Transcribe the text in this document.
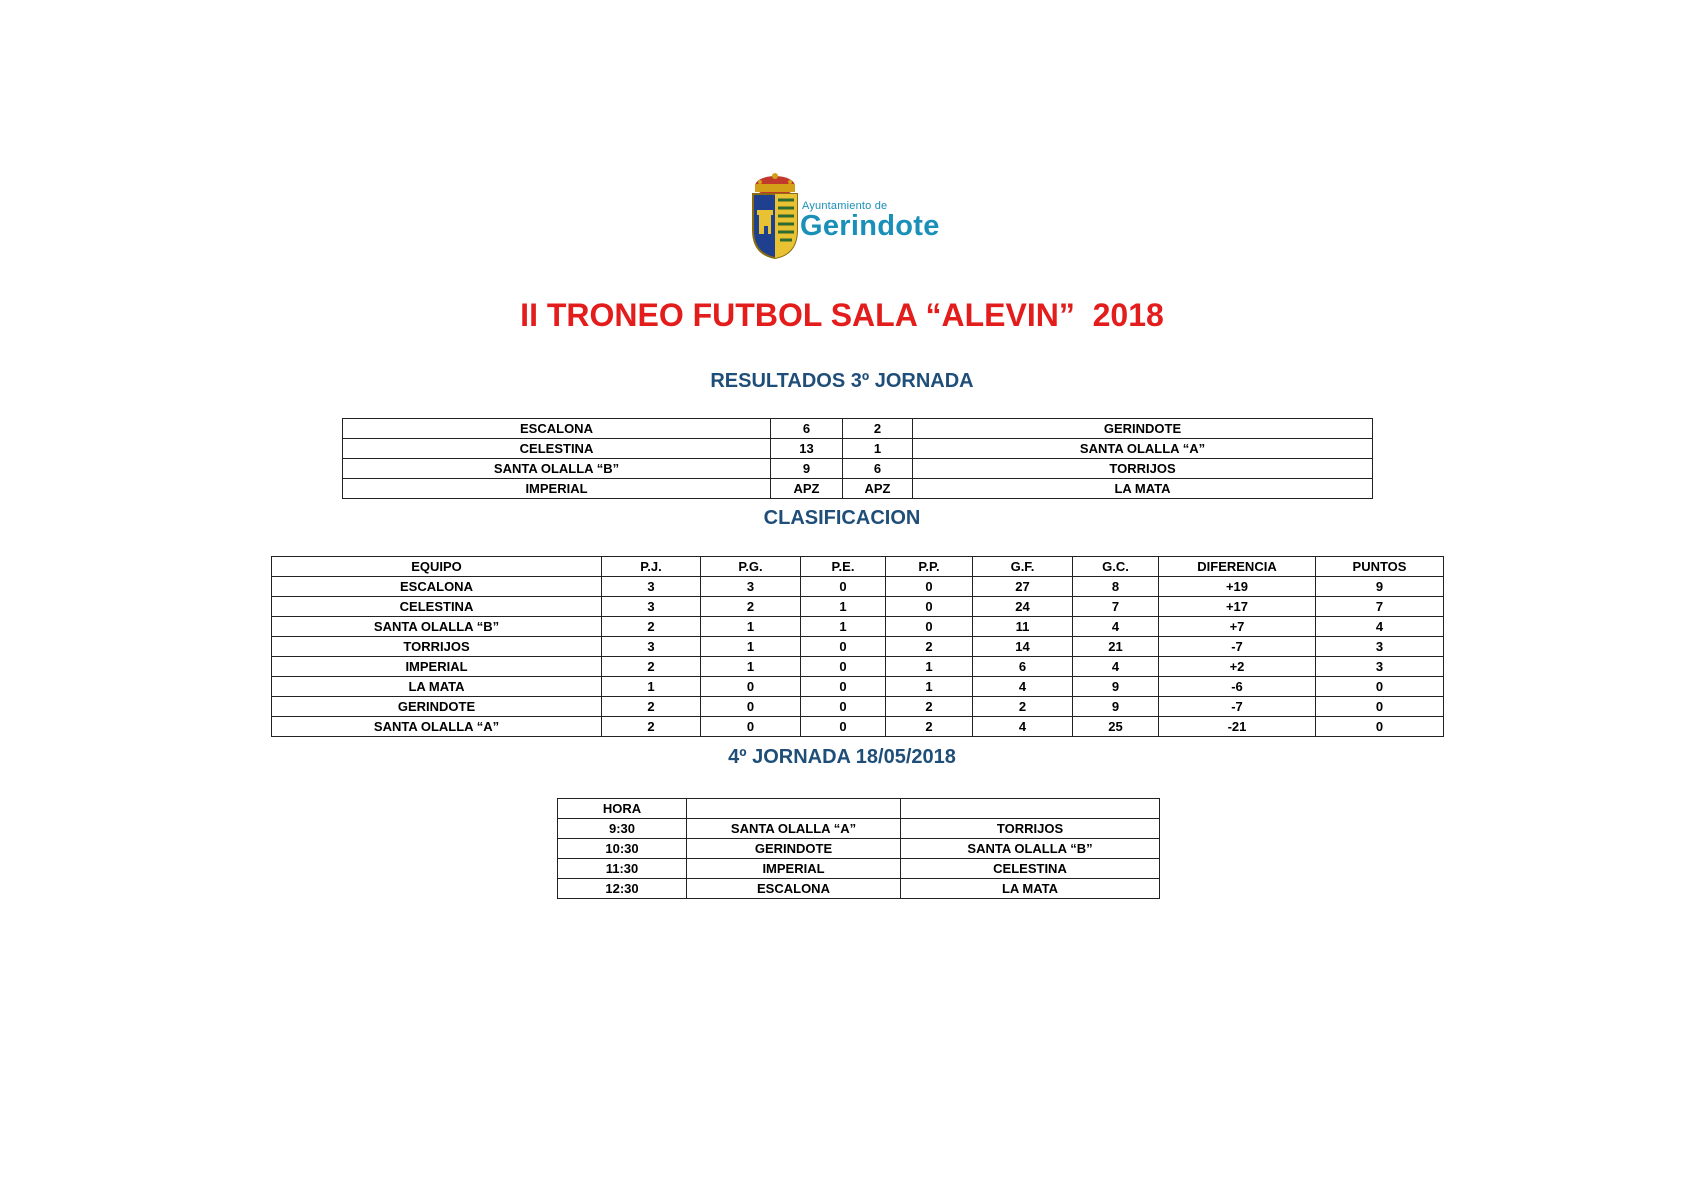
Ayuntamiento de
Gerindote
II TRONEO FUTBOL SALA “ALEVIN”  2018
RESULTADOS 3º JORNADA
ESCALONA	6	2	GERINDOTE
CELESTINA	13	1	SANTA OLALLA “A”
SANTA OLALLA “B”	9	6	TORRIJOS
IMPERIAL	APZ	APZ	LA MATA
CLASIFICACION
EQUIPO	P.J.	P.G.	P.E.	P.P.	G.F.	G.C.	DIFERENCIA	PUNTOS
ESCALONA	3	3	0	0	27	8	+19	9
CELESTINA	3	2	1	0	24	7	+17	7
SANTA OLALLA “B”	2	1	1	0	11	4	+7	4
TORRIJOS	3	1	0	2	14	21	-7	3
IMPERIAL	2	1	0	1	6	4	+2	3
LA MATA	1	0	0	1	4	9	-6	0
GERINDOTE	2	0	0	2	2	9	-7	0
SANTA OLALLA “A”	2	0	0	2	4	25	-21	0
4º JORNADA 18/05/2018
HORA		
9:30	SANTA OLALLA “A”	TORRIJOS
10:30	GERINDOTE	SANTA OLALLA “B”
11:30	IMPERIAL	CELESTINA
12:30	ESCALONA	LA MATA
